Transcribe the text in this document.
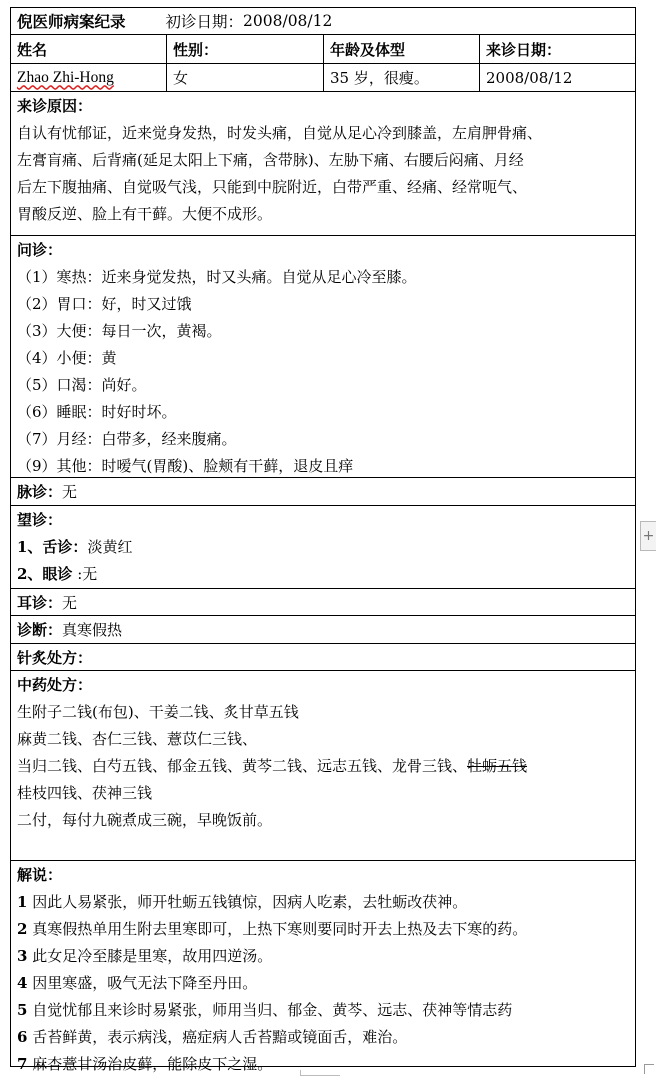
倪医师病案纪录	初诊日期： 2008/08/12
姓名	性别：	年龄及体型	来诊日期：
Zhao Zhi-Hong	女	35 岁，很瘦。	2008/08/12
来诊原因：
自认有忧郁证，近来觉身发热，时发头痛，自觉从足心冷到膝盖，左肩胛骨痛、
左膏肓痛、后背痛(延足太阳上下痛，含带脉)、左胁下痛、右腰后闷痛、月经
后左下腹抽痛、自觉吸气浅，只能到中脘附近，白带严重、经痛、经常呃气、
胃酸反逆、脸上有干藓。大便不成形。
问诊：
（1）寒热：近来身觉发热，时又头痛。自觉从足心冷至膝。
（2）胃口：好，时又过饿
（3）大便：每日一次，黄褐。
（4）小便：黄
（5）口渴：尚好。
（6）睡眠：时好时坏。
（7）月经：白带多，经来腹痛。
（9）其他：时嗳气(胃酸)、脸颊有干藓，退皮且痒
脉诊：无
望诊：
1、舌诊：淡黄红
2、眼诊 :无
耳诊：无
诊断：真寒假热
针炙处方：
中药处方：
生附子二钱(布包)、干姜二钱、炙甘草五钱
麻黄二钱、杏仁三钱、薏苡仁三钱、
当归二钱、白芍五钱、郁金五钱、黄芩二钱、远志五钱、龙骨三钱、牡蛎五钱
桂枝四钱、茯神三钱
二付，每付九碗煮成三碗，早晚饭前。
解说：
1 因此人易紧张，师开牡蛎五钱镇惊，因病人吃素，去牡蛎改茯神。
2 真寒假热单用生附去里寒即可，上热下寒则要同时开去上热及去下寒的药。
3 此女足冷至膝是里寒，故用四逆汤。
4 因里寒盛，吸气无法下降至丹田。
5 自觉忧郁且来诊时易紧张，师用当归、郁金、黄芩、远志、茯神等情志药
6 舌苔鲜黄，表示病浅，癌症病人舌苔黯或镜面舌，难治。
7 麻杏薏甘汤治皮藓，能除皮下之湿。
+
